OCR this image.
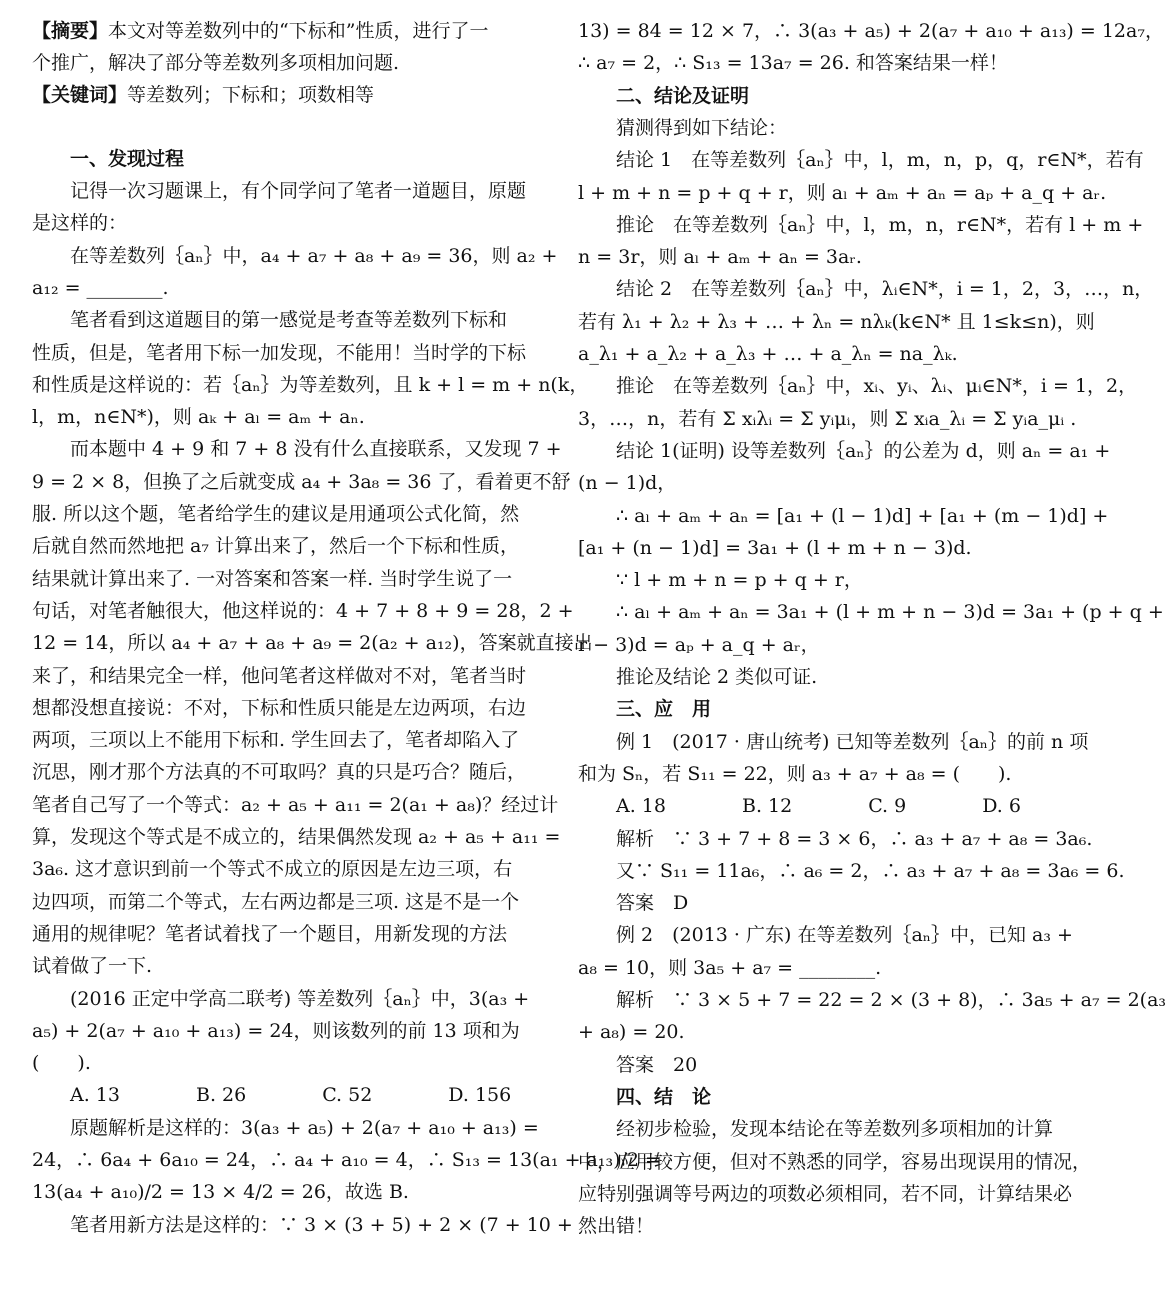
【摘要】本文对等差数列中的“下标和”性质，进行了一
个推广，解决了部分等差数列多项相加问题.
【关键词】等差数列；下标和；项数相等
一、发现过程
记得一次习题课上，有个同学问了笔者一道题目，原题
是这样的：
在等差数列｛aₙ｝中，a₄ + a₇ + a₈ + a₉ = 36，则 a₂ +
a₁₂ = ________.
笔者看到这道题目的第一感觉是考查等差数列下标和
性质，但是，笔者用下标一加发现，不能用！当时学的下标
和性质是这样说的：若｛aₙ｝为等差数列，且 k + l = m + n(k，
l，m，n∈N*)，则 aₖ + aₗ = aₘ + aₙ.
而本题中 4 + 9 和 7 + 8 没有什么直接联系，又发现 7 +
9 = 2 × 8，但换了之后就变成 a₄ + 3a₈ = 36 了，看着更不舒
服. 所以这个题，笔者给学生的建议是用通项公式化简，然
后就自然而然地把 a₇ 计算出来了，然后一个下标和性质，
结果就计算出来了. 一对答案和答案一样. 当时学生说了一
句话，对笔者触很大，他这样说的：4 + 7 + 8 + 9 = 28，2 +
12 = 14，所以 a₄ + a₇ + a₈ + a₉ = 2(a₂ + a₁₂)，答案就直接出
来了，和结果完全一样，他问笔者这样做对不对，笔者当时
想都没想直接说：不对，下标和性质只能是左边两项，右边
两项，三项以上不能用下标和. 学生回去了，笔者却陷入了
沉思，刚才那个方法真的不可取吗？真的只是巧合？随后，
笔者自己写了一个等式：a₂ + a₅ + a₁₁ = 2(a₁ + a₈)？经过计
算，发现这个等式是不成立的，结果偶然发现 a₂ + a₅ + a₁₁ =
3a₆. 这才意识到前一个等式不成立的原因是左边三项，右
边四项，而第二个等式，左右两边都是三项. 这是不是一个
通用的规律呢？笔者试着找了一个题目，用新发现的方法
试着做了一下.
(2016 正定中学高二联考) 等差数列｛aₙ｝中，3(a₃ +
a₅) + 2(a₇ + a₁₀ + a₁₃) = 24，则该数列的前 13 项和为
(　　).
A. 13　　　　B. 26　　　　C. 52　　　　D. 156
原题解析是这样的：3(a₃ + a₅) + 2(a₇ + a₁₀ + a₁₃) =
24，∴ 6a₄ + 6a₁₀ = 24，∴ a₄ + a₁₀ = 4，∴ S₁₃ = 13(a₁ + a₁₃)/2 =
13(a₄ + a₁₀)/2 = 13 × 4/2 = 26，故选 B.
笔者用新方法是这样的：∵ 3 × (3 + 5) + 2 × (7 + 10 +
13) = 84 = 12 × 7，∴ 3(a₃ + a₅) + 2(a₇ + a₁₀ + a₁₃) = 12a₇，
∴ a₇ = 2，∴ S₁₃ = 13a₇ = 26. 和答案结果一样！
二、结论及证明
猜测得到如下结论：
结论 1　在等差数列｛aₙ｝中，l，m，n，p，q，r∈N*，若有
l + m + n = p + q + r，则 aₗ + aₘ + aₙ = aₚ + a_q + aᵣ.
推论　在等差数列｛aₙ｝中，l，m，n，r∈N*，若有 l + m +
n = 3r，则 aₗ + aₘ + aₙ = 3aᵣ.
结论 2　在等差数列｛aₙ｝中，λᵢ∈N*，i = 1，2，3，…，n，
若有 λ₁ + λ₂ + λ₃ + … + λₙ = nλₖ(k∈N* 且 1≤k≤n)，则
a_λ₁ + a_λ₂ + a_λ₃ + … + a_λₙ = na_λₖ.
推论　在等差数列｛aₙ｝中，xᵢ、yᵢ、λᵢ、μᵢ∈N*，i = 1，2，
3，…，n，若有 Σ xᵢλᵢ = Σ yᵢμᵢ，则 Σ xᵢa_λᵢ = Σ yᵢa_μᵢ .
结论 1(证明) 设等差数列｛aₙ｝的公差为 d，则 aₙ = a₁ +
(n − 1)d，
∴ aₗ + aₘ + aₙ = [a₁ + (l − 1)d] + [a₁ + (m − 1)d] +
[a₁ + (n − 1)d] = 3a₁ + (l + m + n − 3)d.
∵ l + m + n = p + q + r，
∴ aₗ + aₘ + aₙ = 3a₁ + (l + m + n − 3)d = 3a₁ + (p + q +
r − 3)d = aₚ + a_q + aᵣ，
推论及结论 2 类似可证.
三、应　用
例 1　(2017 · 唐山统考) 已知等差数列｛aₙ｝的前 n 项
和为 Sₙ，若 S₁₁ = 22，则 a₃ + a₇ + a₈ = (　　).
A. 18　　　　B. 12　　　　C. 9　　　　D. 6
解析　∵ 3 + 7 + 8 = 3 × 6，∴ a₃ + a₇ + a₈ = 3a₆.
又∵ S₁₁ = 11a₆，∴ a₆ = 2，∴ a₃ + a₇ + a₈ = 3a₆ = 6.
答案　D
例 2　(2013 · 广东) 在等差数列｛aₙ｝中，已知 a₃ +
a₈ = 10，则 3a₅ + a₇ = ________.
解析　∵ 3 × 5 + 7 = 22 = 2 × (3 + 8)，∴ 3a₅ + a₇ = 2(a₃
+ a₈) = 20.
答案　20
四、结　论
经初步检验，发现本结论在等差数列多项相加的计算
中，应用较方便，但对不熟悉的同学，容易出现误用的情况，
应特别强调等号两边的项数必须相同，若不同，计算结果必
然出错！
